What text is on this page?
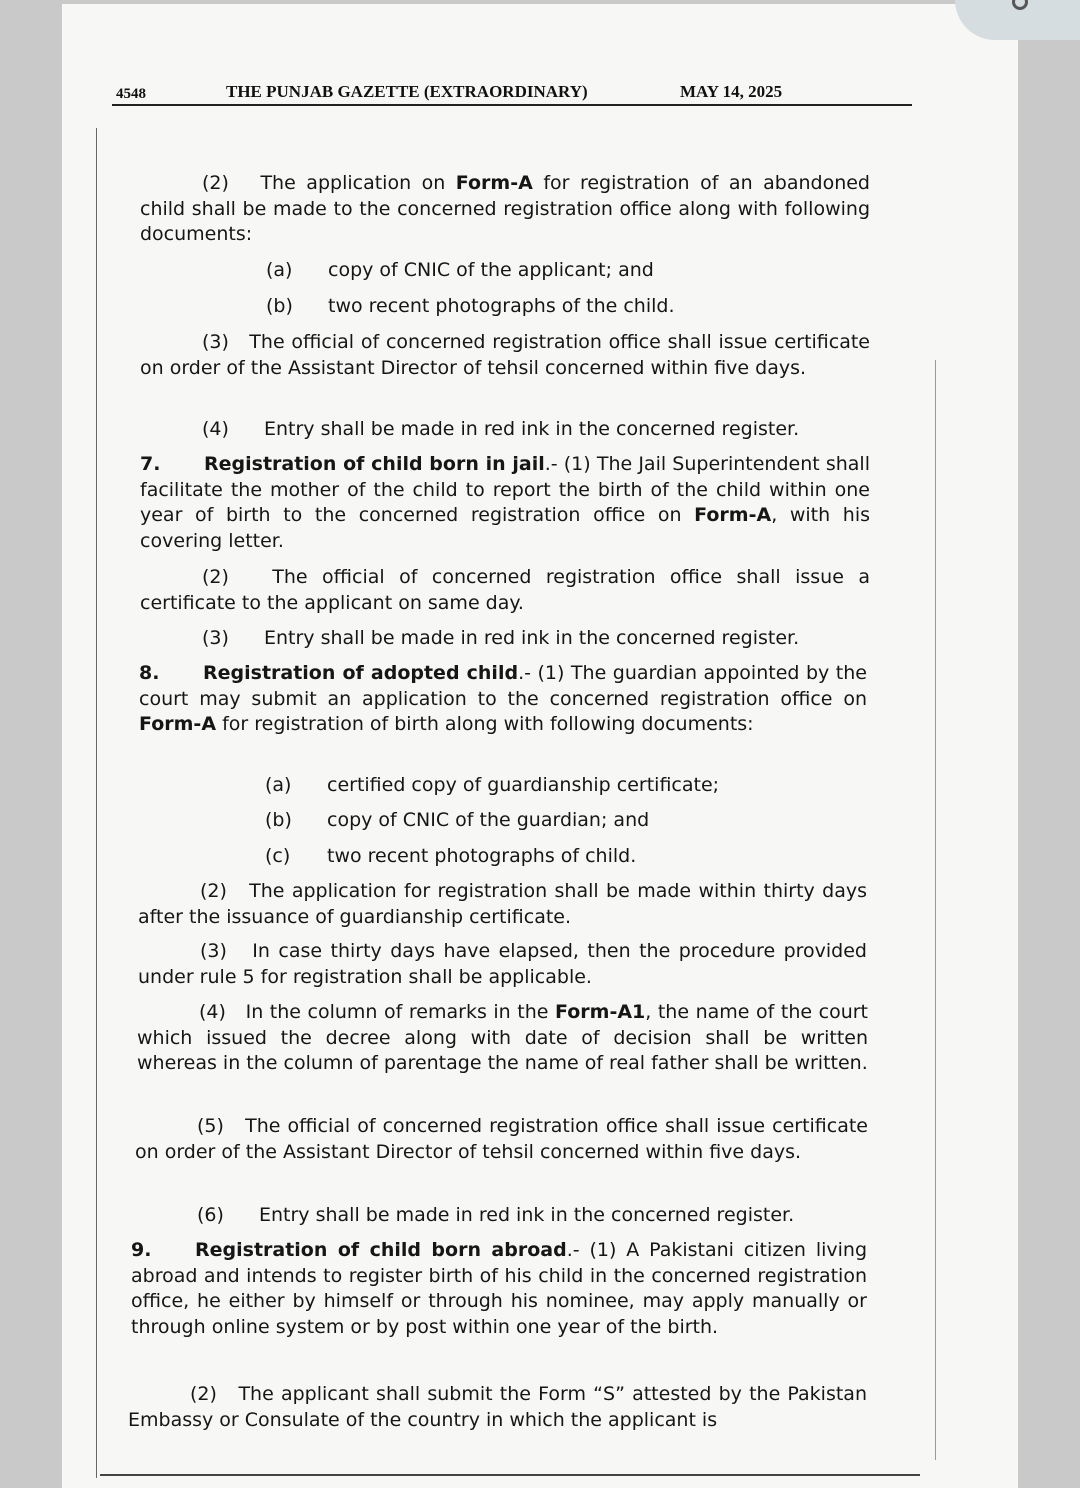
4548	THE PUNJAB GAZETTE (EXTRAORDINARY)	MAY 14, 2025
(2) The application on Form-A for registration of an abandoned child shall be made to the concerned registration office along with following documents:
(a) copy of CNIC of the applicant; and
(b) two recent photographs of the child.
(3) The official of concerned registration office shall issue certificate on order of the Assistant Director of tehsil concerned within five days.
(4) Entry shall be made in red ink in the concerned register.
7. Registration of child born in jail.- (1) The Jail Superintendent shall facilitate the mother of the child to report the birth of the child within one year of birth to the concerned registration office on Form-A, with his covering letter.
(2) The official of concerned registration office shall issue a certificate to the applicant on same day.
(3) Entry shall be made in red ink in the concerned register.
8. Registration of adopted child.- (1) The guardian appointed by the court may submit an application to the concerned registration office on Form-A for registration of birth along with following documents:
(a) certified copy of guardianship certificate;
(b) copy of CNIC of the guardian; and
(c) two recent photographs of child.
(2) The application for registration shall be made within thirty days after the issuance of guardianship certificate.
(3) In case thirty days have elapsed, then the procedure provided under rule 5 for registration shall be applicable.
(4) In the column of remarks in the Form-A1, the name of the court which issued the decree along with date of decision shall be written whereas in the column of parentage the name of real father shall be written.
(5) The official of concerned registration office shall issue certificate on order of the Assistant Director of tehsil concerned within five days.
(6) Entry shall be made in red ink in the concerned register.
9. Registration of child born abroad.- (1) A Pakistani citizen living abroad and intends to register birth of his child in the concerned registration office, he either by himself or through his nominee, may apply manually or through online system or by post within one year of the birth.
(2) The applicant shall submit the Form “S” attested by the Pakistan Embassy or Consulate of the country in which the applicant is
